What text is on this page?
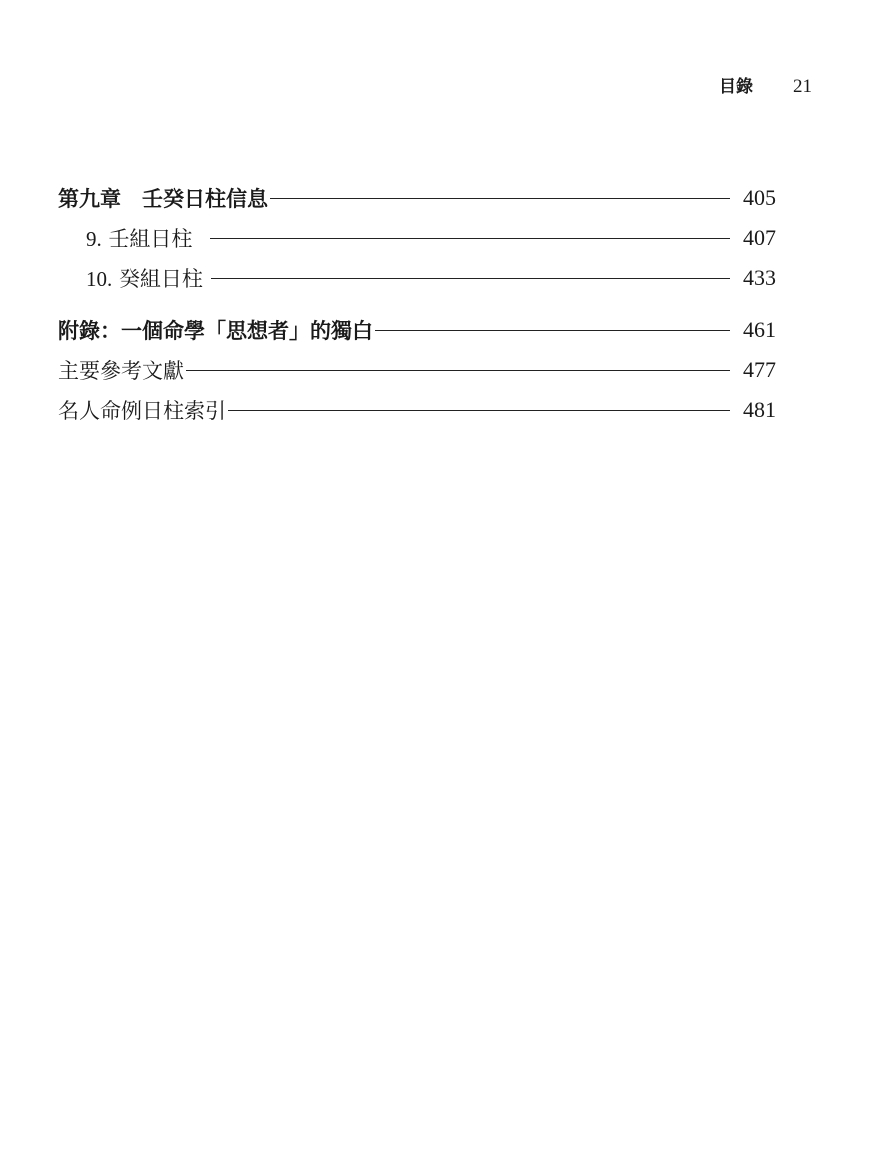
目錄 21
第九章　壬癸日柱信息	405
9. 壬組日柱	407
10. 癸組日柱	433
附錄：一個命學「思想者」的獨白	461
主要參考文獻	477
名人命例日柱索引	481
